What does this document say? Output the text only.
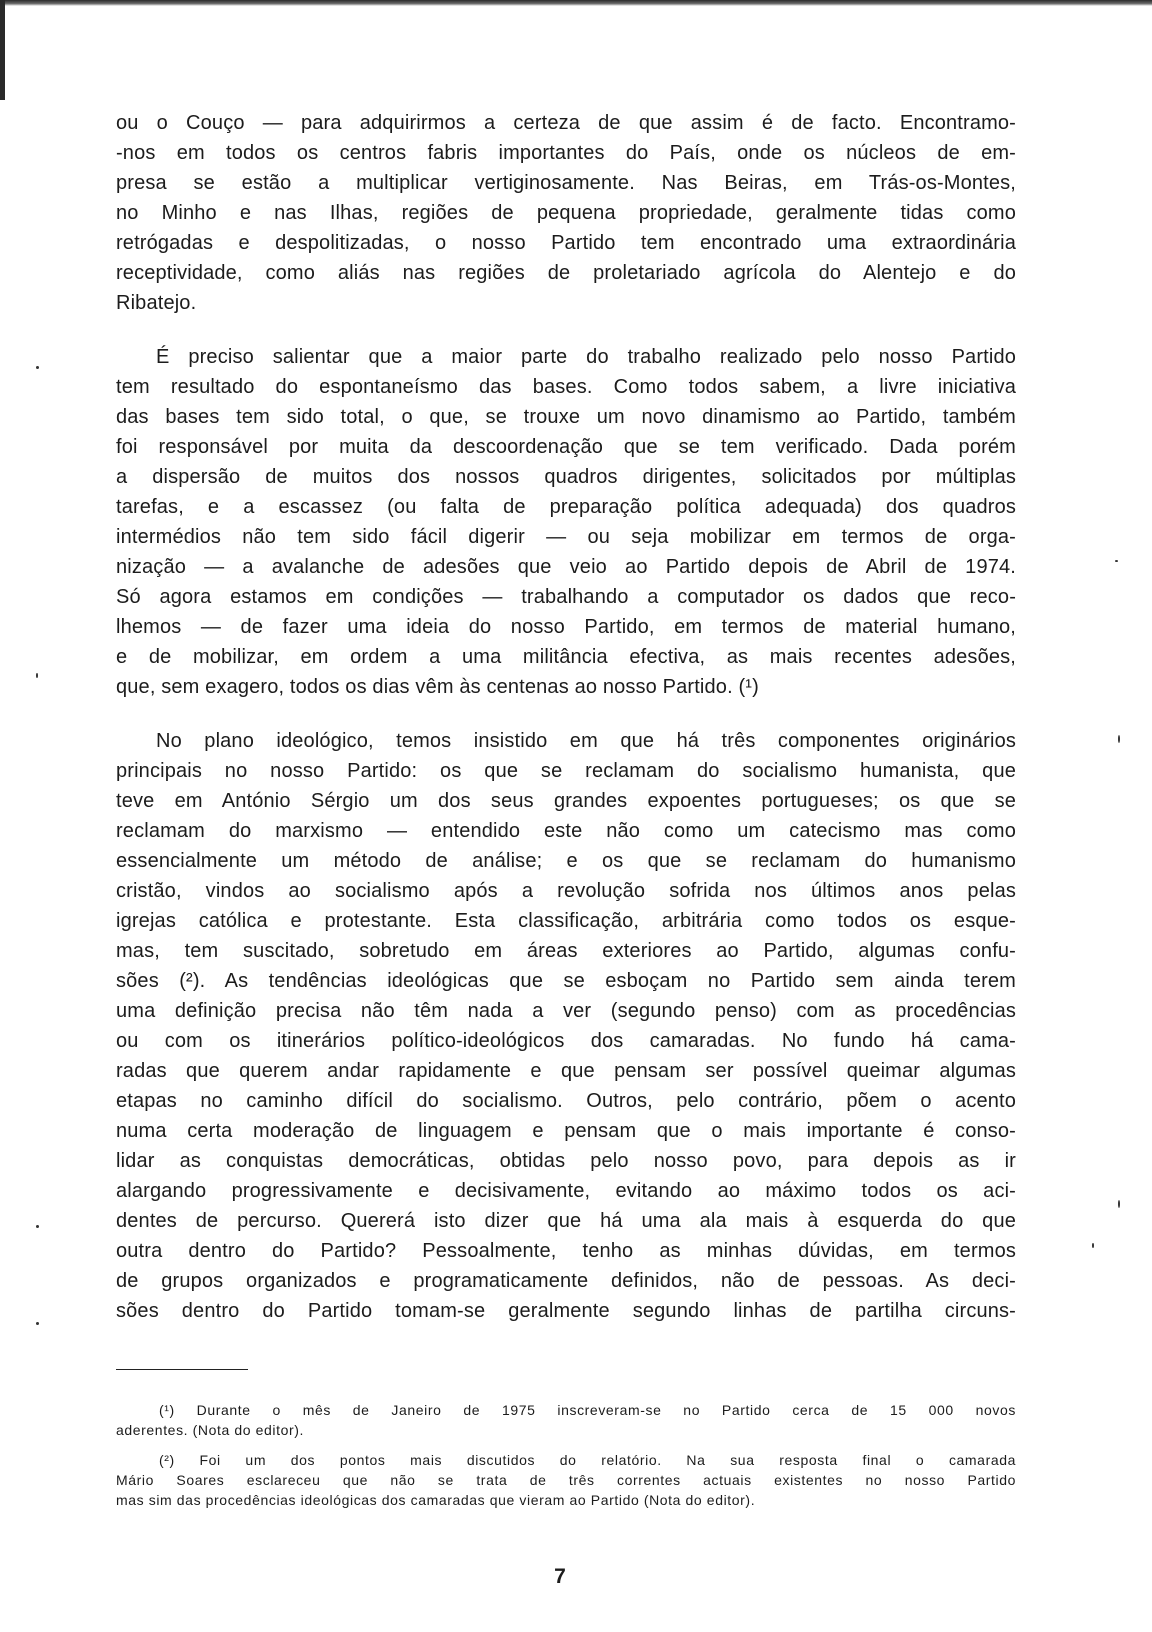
ou o Couço — para adquirirmos a certeza de que assim é de facto. Encontramo-

-nos em todos os centros fabris importantes do País, onde os núcleos de em-

presa se estão a multiplicar vertiginosamente. Nas Beiras, em Trás-os-Montes,

no Minho e nas Ilhas, regiões de pequena propriedade, geralmente tidas como

retrógadas e despolitizadas, o nosso Partido tem encontrado uma extraordinária

receptividade, como aliás nas regiões de proletariado agrícola do Alentejo e do

Ribatejo.

É preciso salientar que a maior parte do trabalho realizado pelo nosso Partido

tem resultado do espontaneísmo das bases. Como todos sabem, a livre iniciativa

das bases tem sido total, o que, se trouxe um novo dinamismo ao Partido, também

foi responsável por muita da descoordenação que se tem verificado. Dada porém

a dispersão de muitos dos nossos quadros dirigentes, solicitados por múltiplas

tarefas, e a escassez (ou falta de preparação política adequada) dos quadros

intermédios não tem sido fácil digerir — ou seja mobilizar em termos de orga-

nização — a avalanche de adesões que veio ao Partido depois de Abril de 1974.

Só agora estamos em condições — trabalhando a computador os dados que reco-

lhemos — de fazer uma ideia do nosso Partido, em termos de material humano,

e de mobilizar, em ordem a uma militância efectiva, as mais recentes adesões,

que, sem exagero, todos os dias vêm às centenas ao nosso Partido. (¹)

No plano ideológico, temos insistido em que há três componentes originários

principais no nosso Partido: os que se reclamam do socialismo humanista, que

teve em António Sérgio um dos seus grandes expoentes portugueses; os que se

reclamam do marxismo — entendido este não como um catecismo mas como

essencialmente um método de análise; e os que se reclamam do humanismo

cristão, vindos ao socialismo após a revolução sofrida nos últimos anos pelas

igrejas católica e protestante. Esta classificação, arbitrária como todos os esque-

mas, tem suscitado, sobretudo em áreas exteriores ao Partido, algumas confu-

sões (²). As tendências ideológicas que se esboçam no Partido sem ainda terem

uma definição precisa não têm nada a ver (segundo penso) com as procedências

ou com os itinerários político-ideológicos dos camaradas. No fundo há cama-

radas que querem andar rapidamente e que pensam ser possível queimar algumas

etapas no caminho difícil do socialismo. Outros, pelo contrário, põem o acento

numa certa moderação de linguagem e pensam que o mais importante é conso-

lidar as conquistas democráticas, obtidas pelo nosso povo, para depois as ir

alargando progressivamente e decisivamente, evitando ao máximo todos os aci-

dentes de percurso. Quererá isto dizer que há uma ala mais à esquerda do que

outra dentro do Partido? Pessoalmente, tenho as minhas dúvidas, em termos

de grupos organizados e programaticamente definidos, não de pessoas. As deci-

sões dentro do Partido tomam-se geralmente segundo linhas de partilha circuns-

(¹) Durante o mês de Janeiro de 1975 inscreveram-se no Partido cerca de 15 000 novos

aderentes. (Nota do editor).

(²) Foi um dos pontos mais discutidos do relatório. Na sua resposta final o camarada

Mário Soares esclareceu que não se trata de três correntes actuais existentes no nosso Partido

mas sim das procedências ideológicas dos camaradas que vieram ao Partido (Nota do editor).

7
